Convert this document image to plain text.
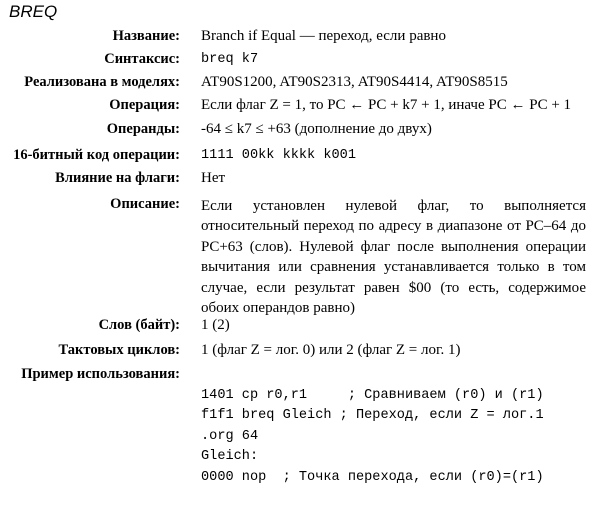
BREQ
Название: Branch if Equal — переход, если равно
Синтаксис: breq k7
Реализована в моделях: AT90S1200, AT90S2313, AT90S4414, AT90S8515
Операция: Если флаг Z = 1, то PC ← PC + k7 + 1, иначе PC ← PC + 1
Операнды: -64 ≤ k7 ≤ +63 (дополнение до двух)
16-битный код операции: 1111 00kk kkkk k001
Влияние на флаги: Нет
Описание: Если установлен нулевой флаг, то выполняется относительный переход по адресу в диапазоне от PC–64 до PC+63 (слов). Нулевой флаг после выполнения операции вычитания или сравнения устанавливается только в том случае, если результат равен $00 (то есть, содержимое обоих операндов равно)
Слов (байт): 1 (2)
Тактовых циклов: 1 (флаг Z = лог. 0) или 2 (флаг Z = лог. 1)
Пример использования:

1401 cp r0,r1     ; Сравниваем (r0) и (r1)
f1f1 breq Gleich ; Переход, если Z = лог.1
.org 64
Gleich:
0000 nop  ; Точка перехода, если (r0)=(r1)
